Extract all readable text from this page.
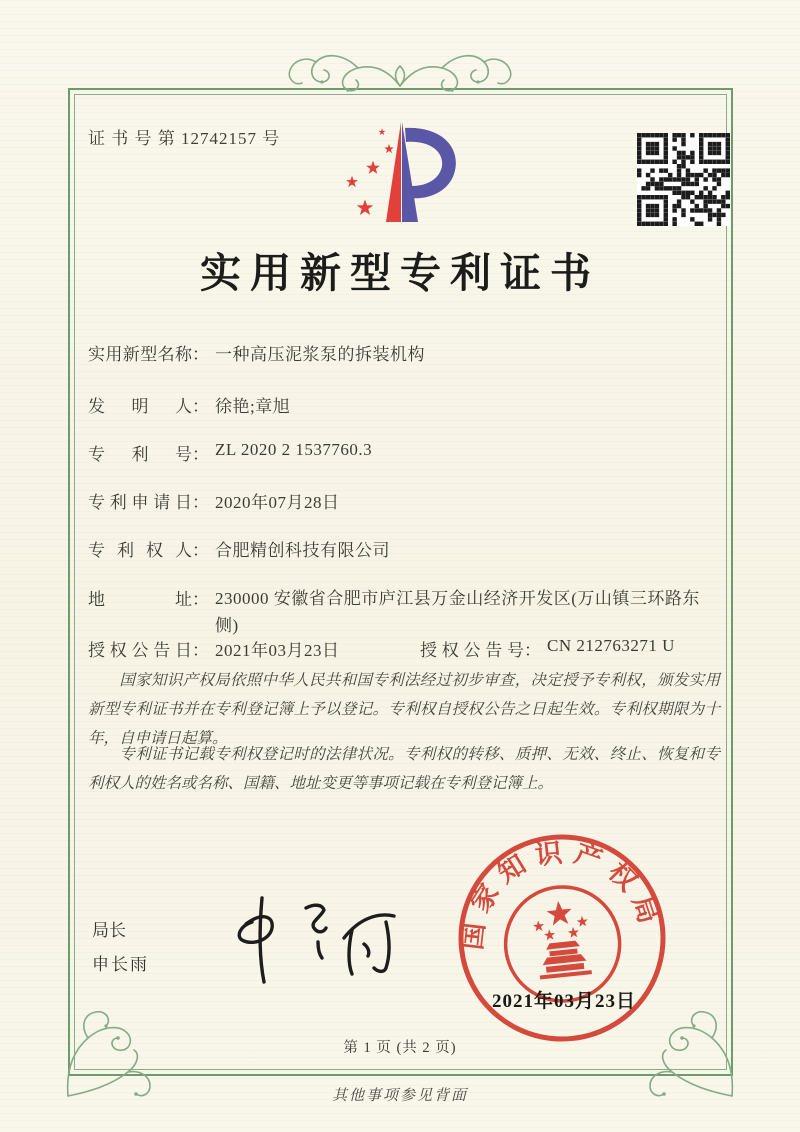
证 书 号 第 12742157 号
实用新型专利证书
实用新型名称： 一种高压泥浆泵的拆装机构
发明人： 徐艳;章旭
专利号： ZL 2020 2 1537760.3
专利申请日： 2020年07月28日
专利权人： 合肥精创科技有限公司
地址： 230000 安徽省合肥市庐江县万金山经济开发区(万山镇三环路东侧)
授权公告日： 2021年03月23日	授权公告号： CN 212763271 U
国家知识产权局依照中华人民共和国专利法经过初步审查，决定授予专利权，颁发实用新型专利证书并在专利登记簿上予以登记。专利权自授权公告之日起生效。专利权期限为十年，自申请日起算。
专利证书记载专利权登记时的法律状况。专利权的转移、质押、无效、终止、恢复和专利权人的姓名或名称、国籍、地址变更等事项记载在专利登记簿上。
局长
申长雨
国家知识产权局
2021年03月23日
第 1 页 (共 2 页)
其他事项参见背面
